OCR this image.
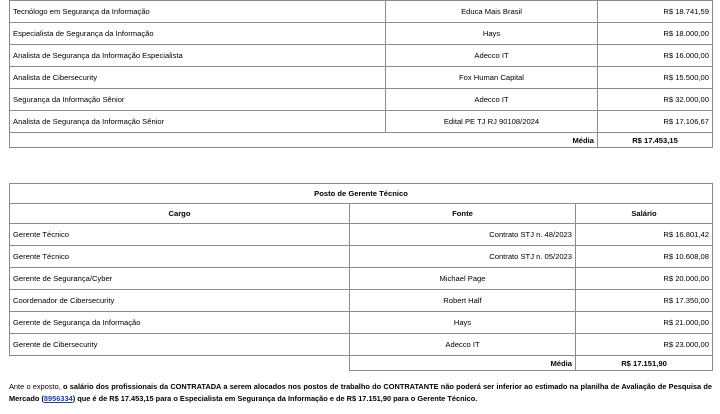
Tecnólogo em Segurança da Informação	Educa Mais Brasil	R$ 18.741,59
Especialista de Segurança da Informação	Hays	R$ 18.000,00
Analista de Segurança da Informação Especialista	Adecco IT	R$ 16.000,00
Analista de Cibersecurity	Fox Human Capital	R$ 15.500,00
Segurança da Informação Sênior	Adecco IT	R$ 32.000,00
Analista de Segurança da Informação Sênior	Edital PE TJ RJ 90108/2024	R$ 17.106,67
Média		R$ 17.453,15
Posto de Gerente Técnico		
Cargo	Fonte	Salário
Gerente Técnico	Contrato STJ n. 48/2023	R$ 16.801,42
Gerente Técnico	Contrato STJ n. 05/2023	R$ 10.608,08
Gerente de Segurança/Cyber	Michael Page	R$ 20.000,00
Coordenador de Cibersecurity	Robert Half	R$ 17.350,00
Gerente de Segurança da Informação	Hays	R$ 21.000,00
Gerente de Cibersecurity	Adecco IT	R$ 23.000,00
	Média	R$ 17.151,90

Ante o exposto, o salário dos profissionais da CONTRATADA a serem alocados nos postos de trabalho do CONTRATANTE não poderá ser inferior ao estimado na planilha de Avaliação de Pesquisa de Mercado (8956334) que é de R$ 17.453,15 para o Especialista em Segurança da Informação e de R$ 17.151,90 para o Gerente Técnico.
